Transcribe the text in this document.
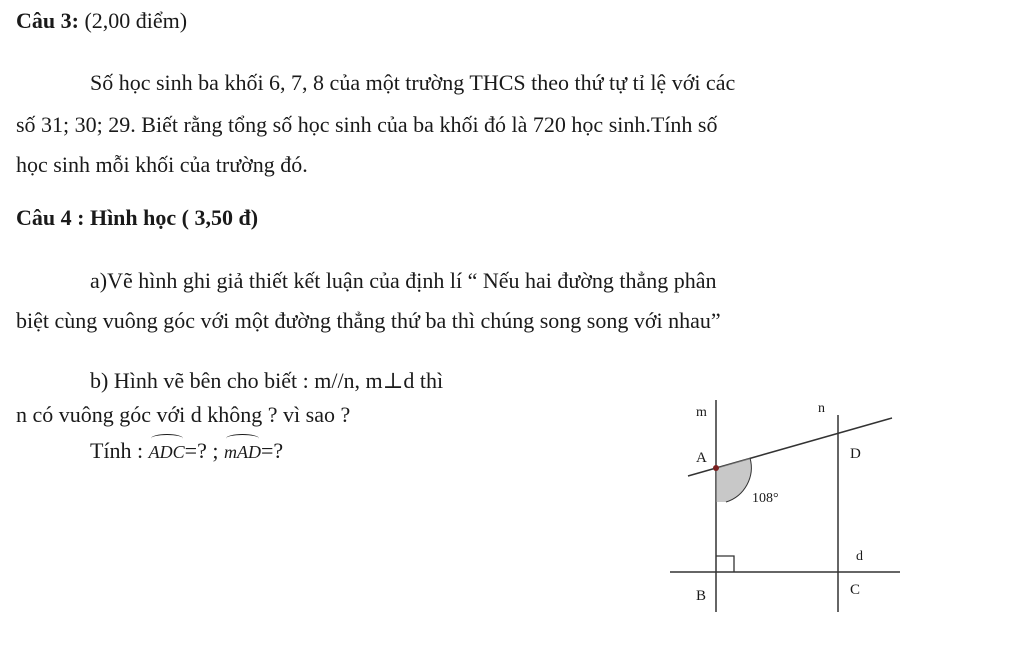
Câu 3: (2,00 điểm)
Số học sinh ba khối 6, 7, 8 của một trường THCS theo thứ tự tỉ lệ với các
số 31; 30; 29. Biết rằng tổng số học sinh của ba khối đó là 720 học sinh.Tính số
học sinh mỗi khối của trường đó.
Câu 4 : Hình học ( 3,50 đ)
a)Vẽ hình ghi giả thiết kết luận của định lí “ Nếu hai đường thẳng phân
biệt cùng vuông góc với một đường thẳng thứ ba thì chúng song song với nhau”
b) Hình vẽ bên cho biết : m//n, m⊥d thì
n có vuông góc với d không ? vì sao ?
Tính : ADC=? ; mAD=?
m	n
A	D
108°
d
B	C
